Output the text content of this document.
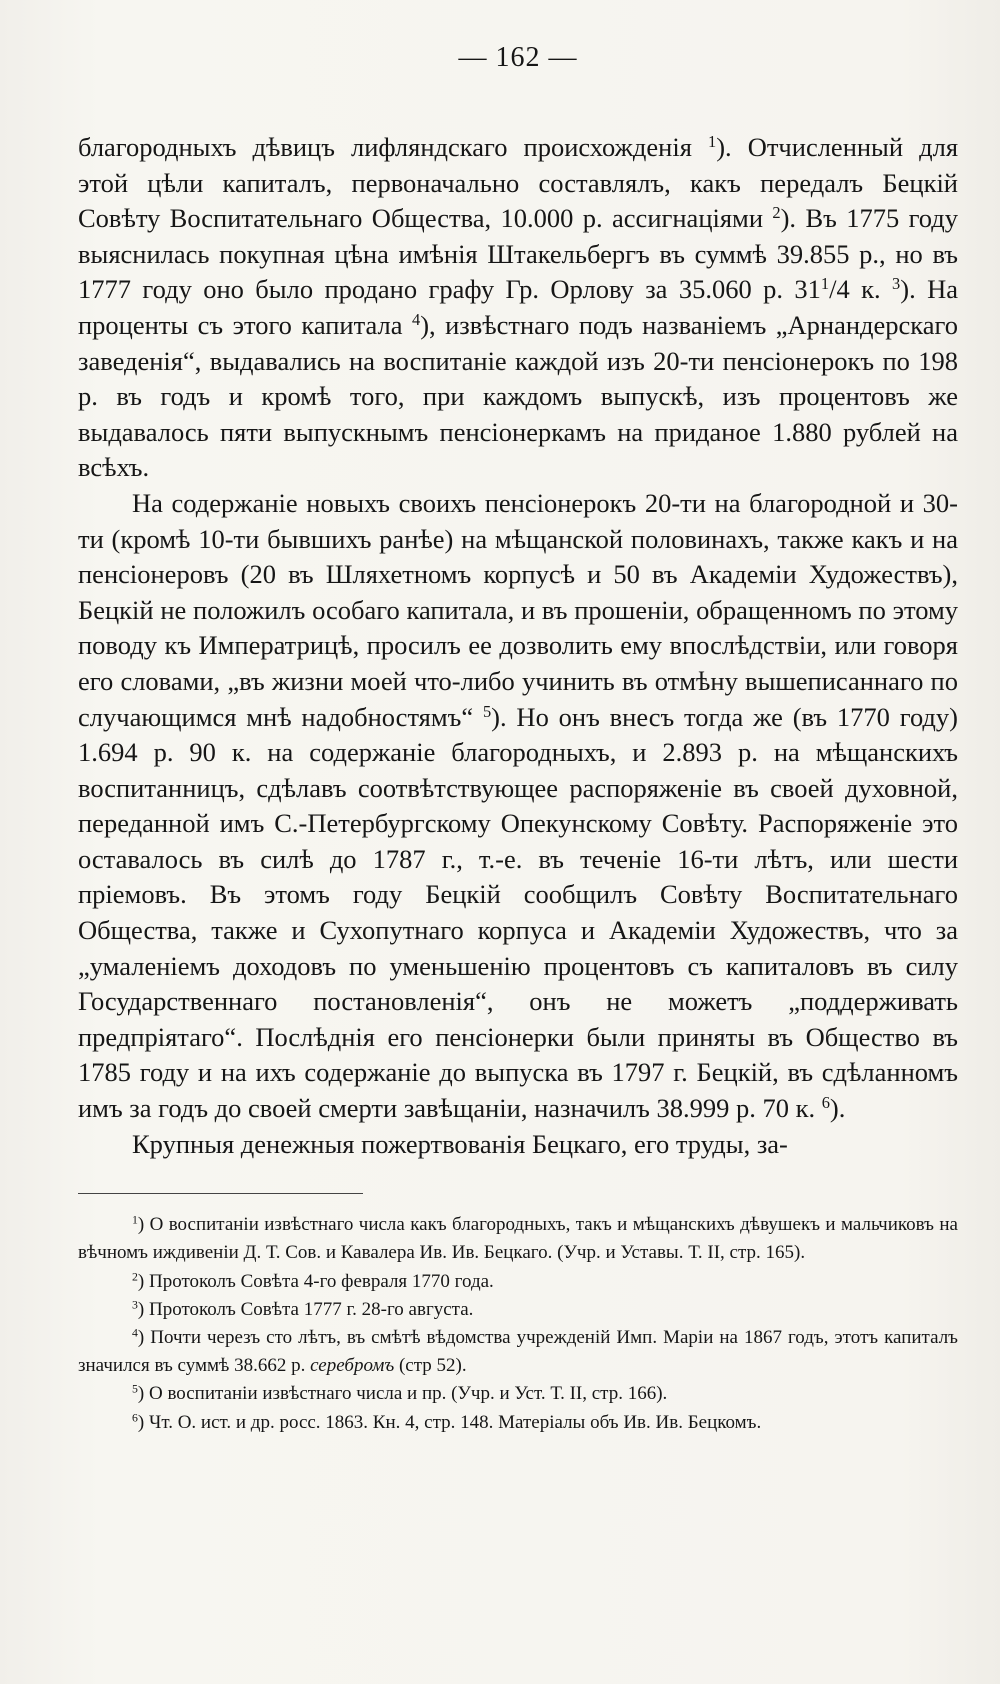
— 162 —

благородныхъ дѣвицъ лифляндскаго происхожденія $^1$). Отчисленный для этой цѣли капиталъ, первоначально составлялъ, какъ передалъ Бецкій Совѣту Воспитательнаго Общества, 10.000 р. ассигнаціями $^2$). Въ 1775 году выяснилась покупная цѣна имѣнія Штакельбергъ въ суммѣ 39.855 р., но въ 1777 году оно было продано графу Гр. Орлову за 35.060 р. $31^1/4$ к. $^3$). На проценты съ этого капитала $^4$), извѣстнаго подъ названіемъ „Арнандерскаго заведенія“, выдавались на воспитаніе каждой изъ 20-ти пенсіонерокъ по 198 р. въ годъ и кромѣ того, при каждомъ выпускѣ, изъ процентовъ же выдавалось пяти выпускнымъ пенсіонеркамъ на приданое 1.880 рублей на всѣхъ.

На содержаніе новыхъ своихъ пенсіонерокъ 20-ти на благородной и 30-ти (кромѣ 10-ти бывшихъ ранѣе) на мѣщанской половинахъ, также какъ и на пенсіонеровъ (20 въ Шляхетномъ корпусѣ и 50 въ Академіи Художествъ), Бецкій не положилъ особаго капитала, и въ прошеніи, обращенномъ по этому поводу къ Императрицѣ, просилъ ее дозволить ему впослѣдствіи, или говоря его словами, „въ жизни моей что-либо учинить въ отмѣну вышеписаннаго по случающимся мнѣ надобностямъ“ $^5$). Но онъ внесъ тогда же (въ 1770 году) 1.694 р. 90 к. на содержаніе благородныхъ, и 2.893 р. на мѣщанскихъ воспитанницъ, сдѣлавъ соотвѣтствующее распоряженіе въ своей духовной, переданной имъ С.-Петербургскому Опекунскому Совѣту. Распоряженіе это оставалось въ силѣ до 1787 г., т.-е. въ теченіе 16-ти лѣтъ, или шести пріемовъ. Въ этомъ году Бецкій сообщилъ Совѣту Воспитательнаго Общества, также и Сухопутнаго корпуса и Академіи Художествъ, что за „умаленіемъ доходовъ по уменьшенію процентовъ съ капиталовъ въ силу Государственнаго постановленія“, онъ не можетъ „поддерживать предпріятаго“. Послѣднія его пенсіонерки были приняты въ Общество въ 1785 году и на ихъ содержаніе до выпуска въ 1797 г. Бецкій, въ сдѣланномъ имъ за годъ до своей смерти завѣщаніи, назначилъ 38.999 р. 70 к. $^6$).

Крупныя денежныя пожертвованія Бецкаго, его труды, за-

$^1$) О воспитаніи извѣстнаго числа какъ благородныхъ, такъ и мѣщанскихъ дѣвушекъ и мальчиковъ на вѣчномъ иждивеніи Д. Т. Сов. и Кавалера Ив. Ив. Бецкаго. (Учр. и Уставы. Т. II, стр. 165).

$^2$) Протоколъ Совѣта 4-го февраля 1770 года.

$^3$) Протоколъ Совѣта 1777 г. 28-го августа.

$^4$) Почти черезъ сто лѣтъ, въ смѣтѣ вѣдомства учрежденій Имп. Маріи на 1867 годъ, этотъ капиталъ значился въ суммѣ 38.662 р. серебромъ (стр 52).

$^5$) О воспитаніи извѣстнаго числа и пр. (Учр. и Уст. Т. II, стр. 166).

$^6$) Чт. О. ист. и др. росс. 1863. Кн. 4, стр. 148. Матеріалы объ Ив. Ив. Бецкомъ.
